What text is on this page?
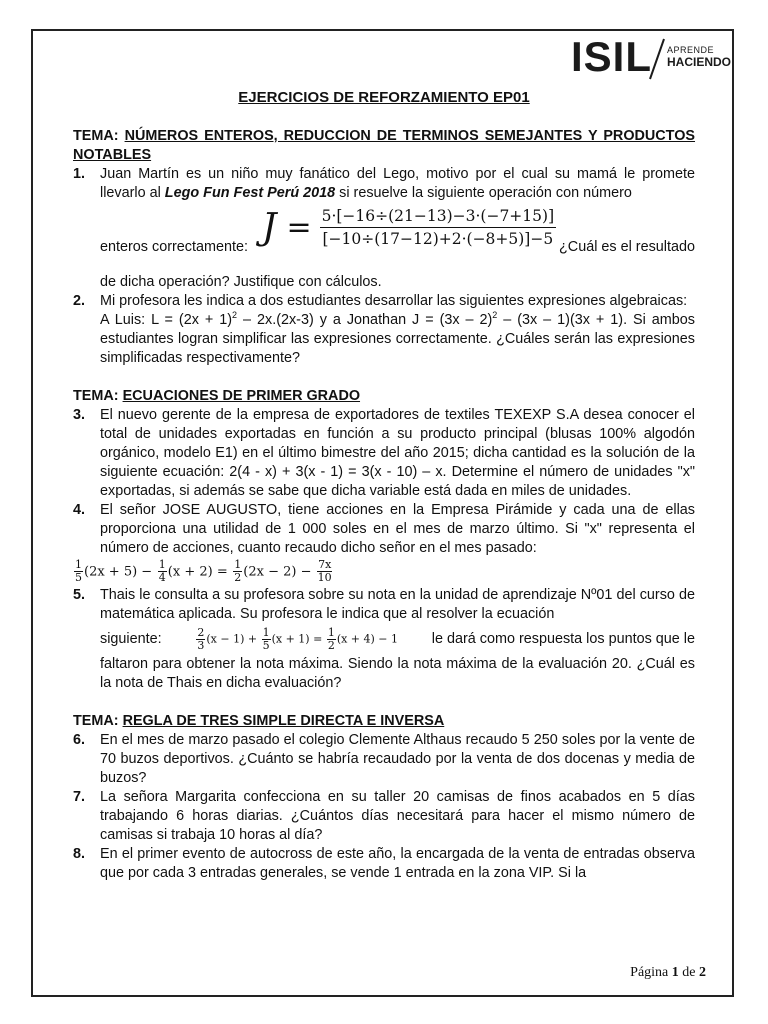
ISIL APRENDE
HACIENDO
EJERCICIOS DE REFORZAMIENTO EP01
TEMA: NÚMEROS ENTEROS, REDUCCION DE TERMINOS SEMEJANTES Y PRODUCTOS NOTABLES
1. Juan Martín es un niño muy fanático del Lego, motivo por el cual su mamá le promete llevarlo al Lego Fun Fest Perú 2018 si resuelve la siguiente operación con número
enteros correctamente: $J = \frac{5\cdot[-16\div(21-13)-3\cdot(-7+15)]}{[-10\div(17-12)+2\cdot(-8+5)]-5}$ ¿Cuál es el resultado
de dicha operación? Justifique con cálculos.
2. Mi profesora les indica a dos estudiantes desarrollar las siguientes expresiones algebraicas:
A Luis: $L = (2x + 1)^2 - 2x.(2x-3)$ y a Jonathan J = (3x – 2)$^2$ – (3x – 1)(3x + 1). Si ambos estudiantes logran simplificar las expresiones correctamente. ¿Cuáles serán las expresiones simplificadas respectivamente?
TEMA: ECUACIONES DE PRIMER GRADO
3. El nuevo gerente de la empresa de exportadores de textiles TEXEXP S.A desea conocer el total de unidades exportadas en función a su producto principal (blusas 100% algodón orgánico, modelo E1) en el último bimestre del año 2015; dicha cantidad es la solución de la siguiente ecuación: 2(4 - x) + 3(x - 1) = 3(x - 10) – x. Determine el número de unidades "x" exportadas, si además se sabe que dicha variable está dada en miles de unidades.
4. El señor JOSE AUGUSTO, tiene acciones en la Empresa Pirámide y cada una de ellas proporciona una utilidad de 1 000 soles en el mes de marzo último. Si "x" representa el número de acciones, cuanto recaudo dicho señor en el mes pasado:
$\frac{1}{5} (2x + 5) - \frac{1}{4} (x + 2) = \frac{1}{2} (2x - 2) - \frac{7x}{10}$
5. Thais le consulta a su profesora sobre su nota en la unidad de aprendizaje Nº01 del curso de matemática aplicada. Su profesora le indica que al resolver la ecuación
siguiente:	$\frac{2}{3} (x - 1) + \frac{1}{5} (x + 1) = \frac{1}{2} (x + 4) - 1$ le dará como respuesta los puntos que le
faltaron para obtener la nota máxima. Siendo la nota máxima de la evaluación 20. ¿Cuál es la nota de Thais en dicha evaluación?
TEMA: REGLA DE TRES SIMPLE DIRECTA E INVERSA
6. En el mes de marzo pasado el colegio Clemente Althaus recaudo 5 250 soles por la vente de 70 buzos deportivos. ¿Cuánto se habría recaudado por la venta de dos docenas y media de buzos?
7. La señora Margarita confecciona en su taller 20 camisas de finos acabados en 5 días trabajando 6 horas diarias. ¿Cuántos días necesitará para hacer el mismo número de camisas si trabaja 10 horas al día?
8. En el primer evento de autocross de este año, la encargada de la venta de entradas observa que por cada 3 entradas generales, se vende 1 entrada en la zona VIP. Si la
Página 1 de 2
